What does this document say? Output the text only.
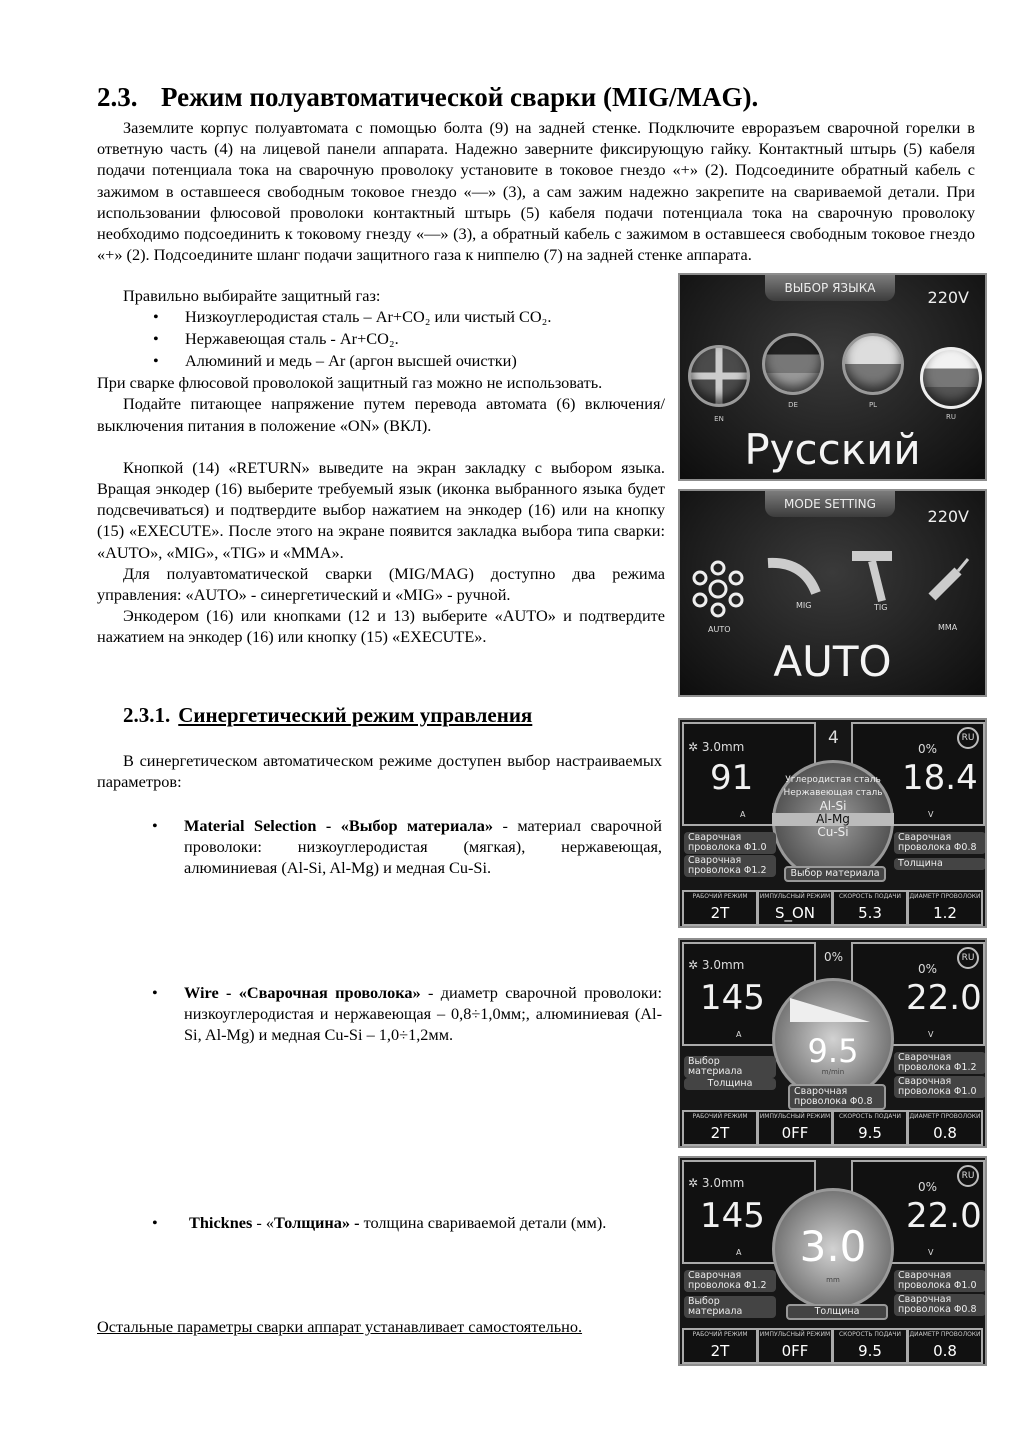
2.3. Режим полуавтоматической сварки (MIG/MAG).

Заземлите корпус полуавтомата с помощью болта (9) на задней стенке. Подключите евроразъем сварочной горелки в ответную часть (4) на лицевой панели аппарата. Надежно заверните фиксирующую гайку. Контактный штырь (5) кабеля подачи потенциала тока на сварочную проволоку установите в токовое гнездо «+» (2). Подсоедините обратный кабель с зажимом в оставшееся свободным токовое гнездо «—» (3), а сам зажим надежно закрепите на свариваемой детали. При использовании флюсовой проволоки контактный штырь (5) кабеля подачи потенциала тока на сварочную проволоку необходимо подсоединить к токовому гнезду «—» (3), а обратный кабель с зажимом в оставшееся свободным токовое гнездо «+» (2). Подсоедините шланг подачи защитного газа к ниппелю (7) на задней стенке аппарата.

Правильно выбирайте защитный газ:

• Низкоуглеродистая сталь – Ar+CO₂ или чистый CO₂.
• Нержавеющая сталь - Ar+CO₂.
• Алюминий и медь – Ar (аргон высшей очистки)

При сварке флюсовой проволокой защитный газ можно не использовать.

Подайте питающее напряжение путем перевода автомата (6) включения/выключения питания в положение «ON» (ВКЛ).

Кнопкой (14) «RETURN» выведите на экран закладку с выбором языка. Вращая энкодер (16) выберите требуемый язык (иконка выбранного языка будет подсвечиваться) и подтвердите выбор нажатием на энкодер (16) или на кнопку (15) «EXECUTE». После этого на экране появится закладка выбора типа сварки: «AUTO», «MIG», «TIG» и «MMA».

Для полуавтоматической сварки (MIG/MAG) доступно два режима управления: «AUTO» - синергетический и «MIG» - ручной.

Энкодером (16) или кнопками (12 и 13) выберите «AUTO» и подтвердите нажатием на энкодер (16) или кнопку (15) «EXECUTE».

2.3.1. Синергетический режим управления

В синергетическом автоматическом режиме доступен выбор настраиваемых параметров:

• Material Selection - «Выбор материала» - материал сварочной проволоки: низкоуглеродистая (мягкая), нержавеющая, алюминиевая (Al-Si, Al-Mg) и медная Cu-Si.
• Wire - «Сварочная проволока» - диаметр сварочной проволоки: низкоуглеродистая и нержавеющая – 0,8÷1,0мм;, алюминиевая (Al-Si, Al-Mg) и медная Cu-Si – 1,0÷1,2мм.
• Thicknes - «Толщина» - толщина свариваемой детали (мм).

Остальные параметры сварки аппарат устанавливает самостоятельно.

ВЫБОР ЯЗЫКА	220V
EN
DE	PL
RU
Русский
MODE SETTING
220V
AUTO
MIG	TIG
MMA
AUTO
✲ 3.0mm	4
0%
RU
91	18.4
A	V
Углеродистая сталь
Нержавеющая сталь
Al-Si
Al-Mg
Cu-Si
Сварочная проволока Φ1.0
Сварочная проволока Φ1.2
Сварочная проволока Φ0.8
Толщина
Выбор материала
РАБОЧИЙ РЕЖИМ
2T
ИМПУЛЬСНЫЙ РЕЖИМ
S_ON
СКОРОСТЬ ПОДАЧИ
5.3
ДИАМЕТР ПРОВОЛОКИ
1.2
✲ 3.0mm
0%
0%
RU
145	22.0
A	V
9.5
m/min
Выбор материала
Толщина
Сварочная проволока Φ1.2
Сварочная проволока Φ1.0
Сварочная проволока Φ0.8
РАБОЧИЙ РЕЖИМ
2T
ИМПУЛЬСНЫЙ РЕЖИМ
0FF
СКОРОСТЬ ПОДАЧИ
9.5
ДИАМЕТР ПРОВОЛОКИ
0.8
✲ 3.0mm	0%
RU
145	22.0
A	V
3.0
mm
Сварочная проволока Φ1.2
Выбор материала
Сварочная проволока Φ1.0
Сварочная проволока Φ0.8
Толщина
РАБОЧИЙ РЕЖИМ
2T
ИМПУЛЬСНЫЙ РЕЖИМ
0FF
СКОРОСТЬ ПОДАЧИ
9.5
ДИАМЕТР ПРОВОЛОКИ
0.8
